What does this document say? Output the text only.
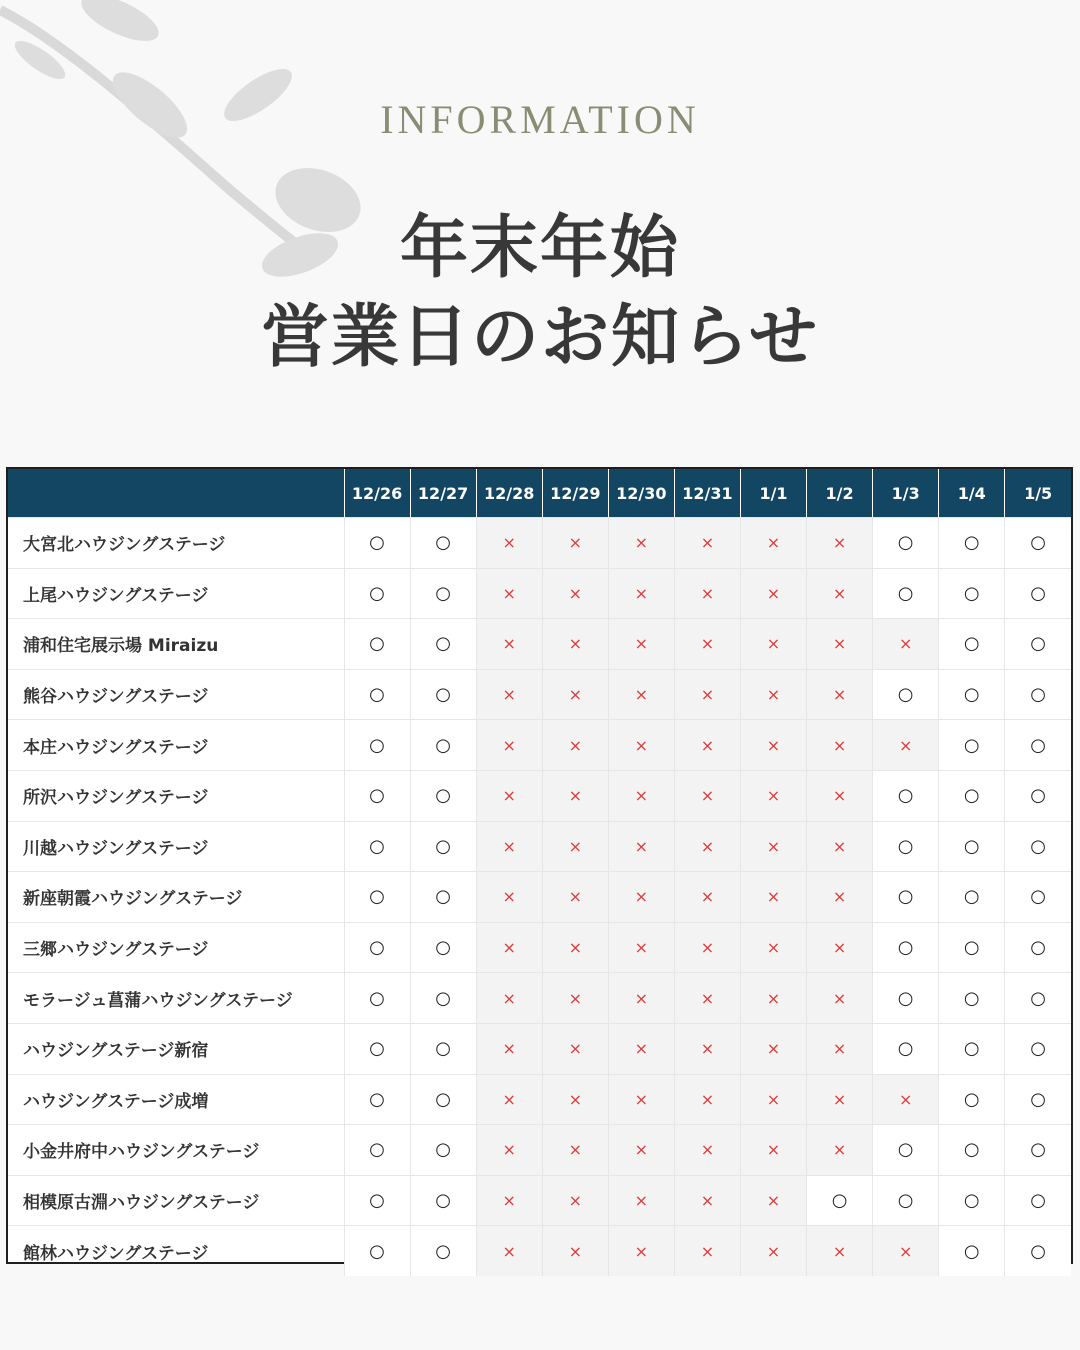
INFORMATION
年末年始
営業日のお知らせ
	12/26	12/27	12/28	12/29	12/30	12/31	1/1	1/2	1/3	1/4	1/5
大宮北ハウジングステージ	○	○	×	×	×	×	×	×	○	○	○
上尾ハウジングステージ	○	○	×	×	×	×	×	×	○	○	○
浦和住宅展示場 Miraizu	○	○	×	×	×	×	×	×	×	○	○
熊谷ハウジングステージ	○	○	×	×	×	×	×	×	○	○	○
本庄ハウジングステージ	○	○	×	×	×	×	×	×	×	○	○
所沢ハウジングステージ	○	○	×	×	×	×	×	×	○	○	○
川越ハウジングステージ	○	○	×	×	×	×	×	×	○	○	○
新座朝霞ハウジングステージ	○	○	×	×	×	×	×	×	○	○	○
三郷ハウジングステージ	○	○	×	×	×	×	×	×	○	○	○
モラージュ菖蒲ハウジングステージ	○	○	×	×	×	×	×	×	○	○	○
ハウジングステージ新宿	○	○	×	×	×	×	×	×	○	○	○
ハウジングステージ成増	○	○	×	×	×	×	×	×	×	○	○
小金井府中ハウジングステージ	○	○	×	×	×	×	×	×	○	○	○
相模原古淵ハウジングステージ	○	○	×	×	×	×	×	○	○	○	○
館林ハウジングステージ	○	○	×	×	×	×	×	×	×	○	○
